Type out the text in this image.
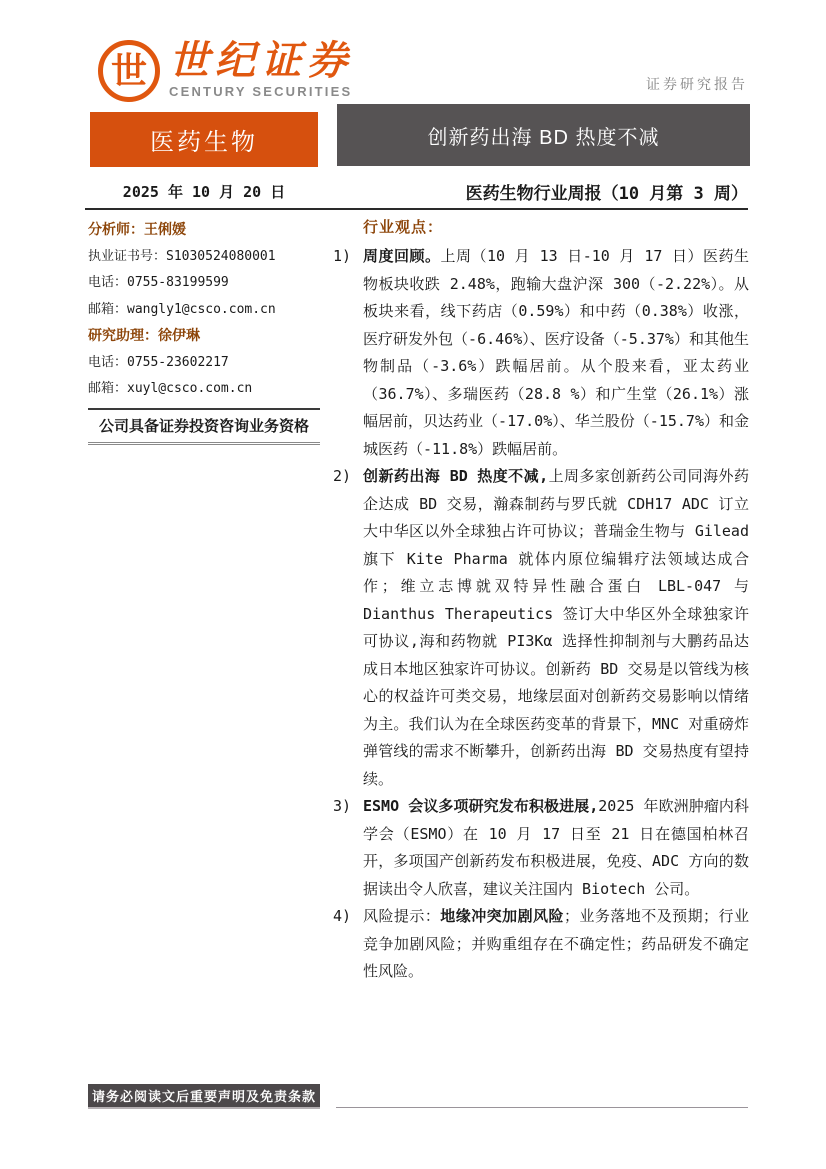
世 世纪证券
CENTURY SECURITIES	证券研究报告
医药生物	创新药出海 BD 热度不减
2025 年 10 月 20 日	医药生物行业周报（10 月第 3 周）
分析师：王俐媛
执业证书号：S1030524080001
电话：0755-83199599
邮箱：wangly1@csco.com.cn
研究助理：徐伊琳
电话：0755-23602217
邮箱：xuyl@csco.com.cn
公司具备证券投资咨询业务资格
行业观点：
1) 周度回顾。上周（10 月 13 日-10 月 17 日）医药生物板块收跌 2.48%，跑输大盘沪深 300（-2.22%）。从板块来看，线下药店（0.59%）和中药（0.38%）收涨，医疗研发外包（-6.46%）、医疗设备（-5.37%）和其他生物制品（-3.6%）跌幅居前。从个股来看，亚太药业（36.7%）、多瑞医药（28.8 %）和广生堂（26.1%）涨幅居前，贝达药业（-17.0%）、华兰股份（-15.7%）和金城医药（-11.8%）跌幅居前。

2) 创新药出海 BD 热度不减,上周多家创新药公司同海外药企达成 BD 交易，瀚森制药与罗氏就 CDH17 ADC 订立大中华区以外全球独占许可协议；普瑞金生物与 Gilead 旗下 Kite Pharma 就体内原位编辑疗法领域达成合作；维立志博就双特异性融合蛋白 LBL-047 与 Dianthus Therapeutics 签订大中华区外全球独家许可协议,海和药物就 PI3Kα 选择性抑制剂与大鹏药品达成日本地区独家许可协议。创新药 BD 交易是以管线为核心的权益许可类交易，地缘层面对创新药交易影响以情绪为主。我们认为在全球医药变革的背景下，MNC 对重磅炸弹管线的需求不断攀升，创新药出海 BD 交易热度有望持续。

3) ESMO 会议多项研究发布积极进展,2025 年欧洲肿瘤内科学会（ESMO）在 10 月 17 日至 21 日在德国柏林召开，多项国产创新药发布积极进展，免疫、ADC 方向的数据读出令人欣喜，建议关注国内 Biotech 公司。

4) 风险提示：地缘冲突加剧风险；业务落地不及预期；行业竞争加剧风险；并购重组存在不确定性；药品研发不确定性风险。

请务必阅读文后重要声明及免责条款
